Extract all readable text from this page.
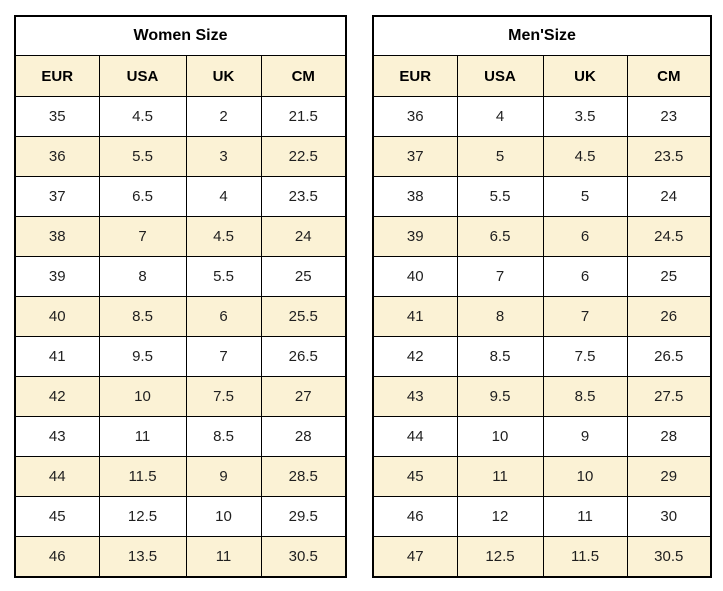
Women Size			
EUR	USA	UK	CM
35	4.5	2	21.5
36	5.5	3	22.5
37	6.5	4	23.5
38	7	4.5	24
39	8	5.5	25
40	8.5	6	25.5
41	9.5	7	26.5
42	10	7.5	27
43	11	8.5	28
44	11.5	9	28.5
45	12.5	10	29.5
46	13.5	11	30.5
Men'Size			
EUR	USA	UK	CM
36	4	3.5	23
37	5	4.5	23.5
38	5.5	5	24
39	6.5	6	24.5
40	7	6	25
41	8	7	26
42	8.5	7.5	26.5
43	9.5	8.5	27.5
44	10	9	28
45	11	10	29
46	12	11	30
47	12.5	11.5	30.5
